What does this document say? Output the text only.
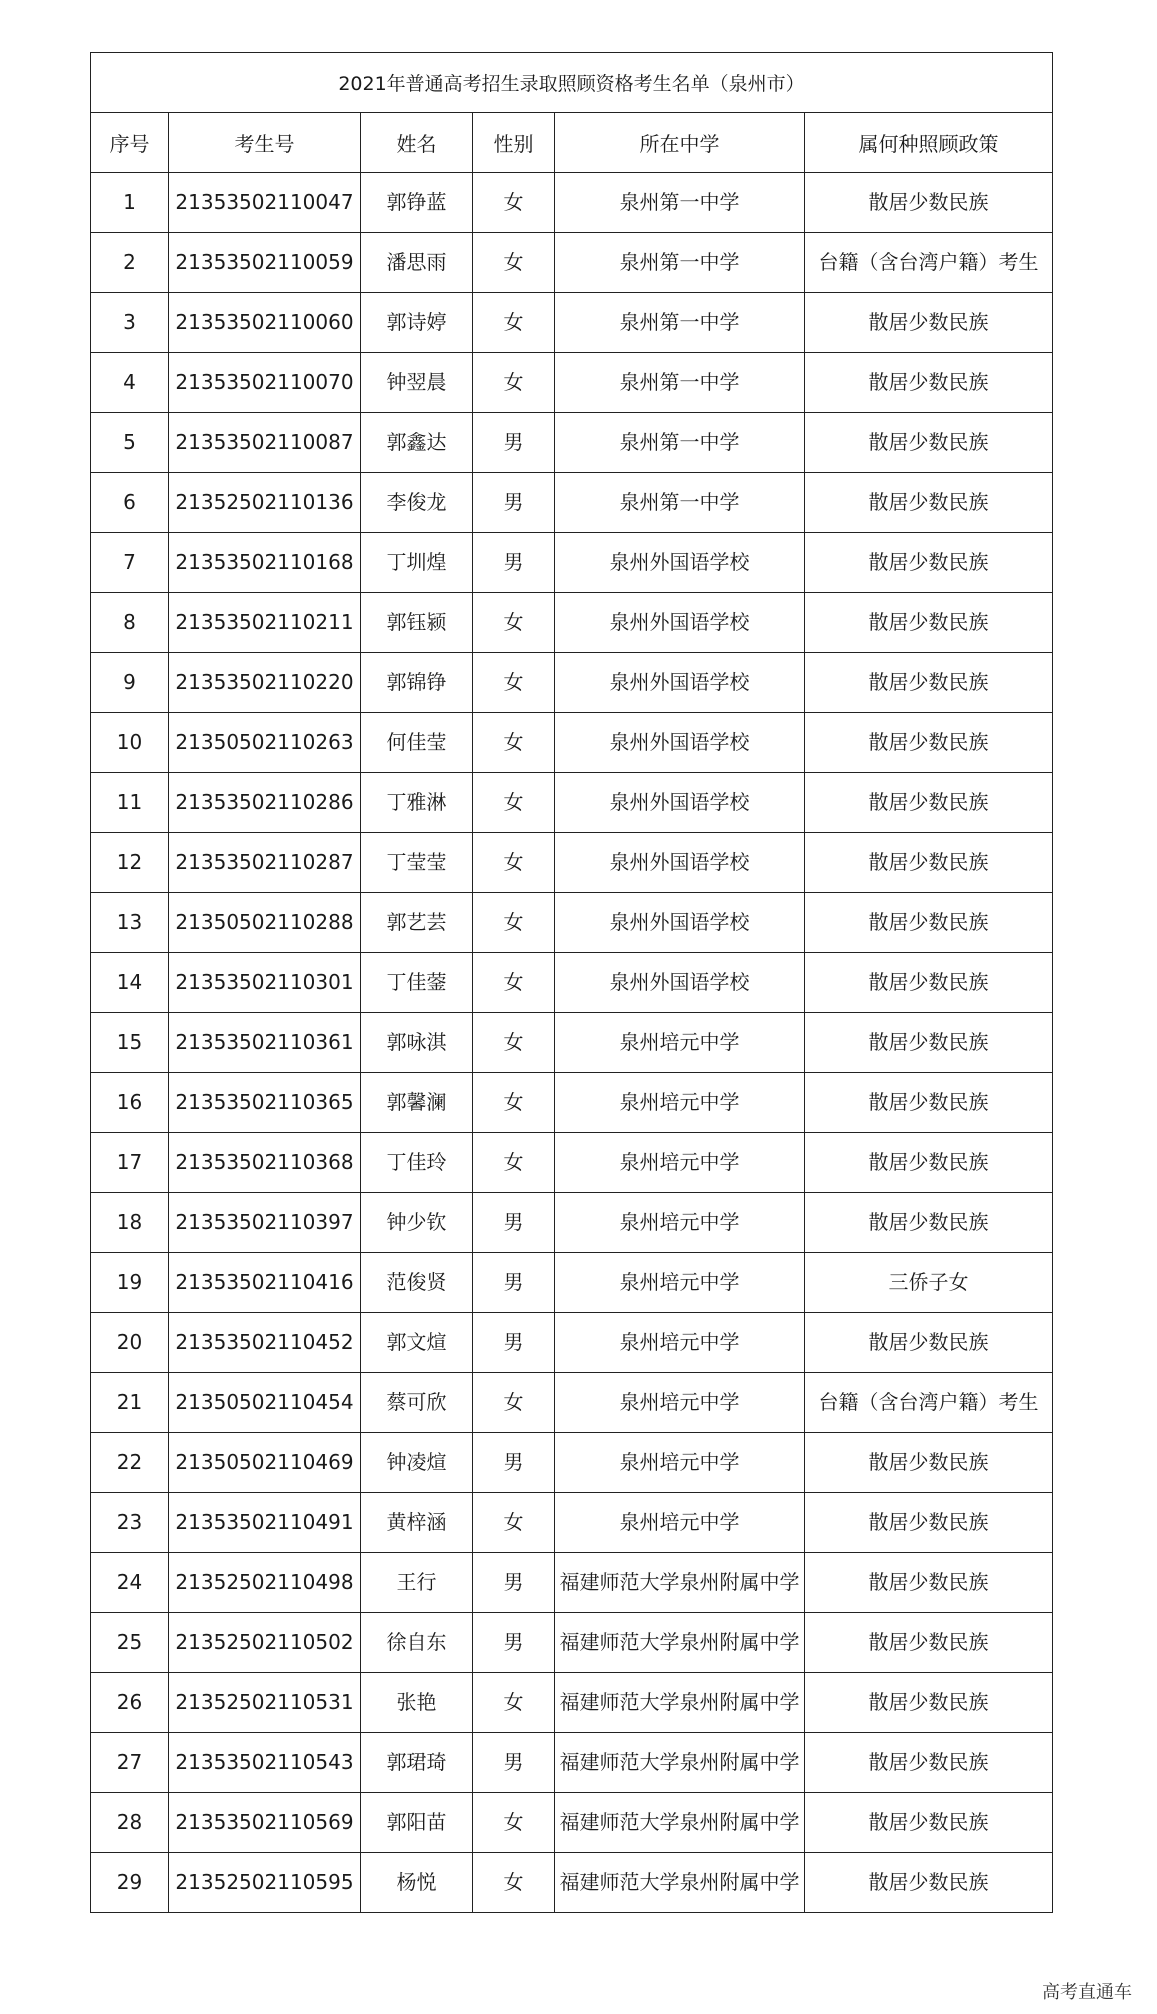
2021年普通高考招生录取照顾资格考生名单（泉州市）					
序号	考生号	姓名	性别	所在中学	属何种照顾政策
1	21353502110047	郭铮蓝	女	泉州第一中学	散居少数民族
2	21353502110059	潘思雨	女	泉州第一中学	台籍（含台湾户籍）考生
3	21353502110060	郭诗婷	女	泉州第一中学	散居少数民族
4	21353502110070	钟翌晨	女	泉州第一中学	散居少数民族
5	21353502110087	郭鑫达	男	泉州第一中学	散居少数民族
6	21352502110136	李俊龙	男	泉州第一中学	散居少数民族
7	21353502110168	丁圳煌	男	泉州外国语学校	散居少数民族
8	21353502110211	郭钰颍	女	泉州外国语学校	散居少数民族
9	21353502110220	郭锦铮	女	泉州外国语学校	散居少数民族
10	21350502110263	何佳莹	女	泉州外国语学校	散居少数民族
11	21353502110286	丁雅淋	女	泉州外国语学校	散居少数民族
12	21353502110287	丁莹莹	女	泉州外国语学校	散居少数民族
13	21350502110288	郭艺芸	女	泉州外国语学校	散居少数民族
14	21353502110301	丁佳蓥	女	泉州外国语学校	散居少数民族
15	21353502110361	郭咏淇	女	泉州培元中学	散居少数民族
16	21353502110365	郭馨澜	女	泉州培元中学	散居少数民族
17	21353502110368	丁佳玲	女	泉州培元中学	散居少数民族
18	21353502110397	钟少钦	男	泉州培元中学	散居少数民族
19	21353502110416	范俊贤	男	泉州培元中学	三侨子女
20	21353502110452	郭文煊	男	泉州培元中学	散居少数民族
21	21350502110454	蔡可欣	女	泉州培元中学	台籍（含台湾户籍）考生
22	21350502110469	钟凌煊	男	泉州培元中学	散居少数民族
23	21353502110491	黄梓涵	女	泉州培元中学	散居少数民族
24	21352502110498	王行	男	福建师范大学泉州附属中学	散居少数民族
25	21352502110502	徐自东	男	福建师范大学泉州附属中学	散居少数民族
26	21352502110531	张艳	女	福建师范大学泉州附属中学	散居少数民族
27	21353502110543	郭珺琦	男	福建师范大学泉州附属中学	散居少数民族
28	21353502110569	郭阳苗	女	福建师范大学泉州附属中学	散居少数民族
29	21352502110595	杨悦	女	福建师范大学泉州附属中学	散居少数民族
高考直通车
